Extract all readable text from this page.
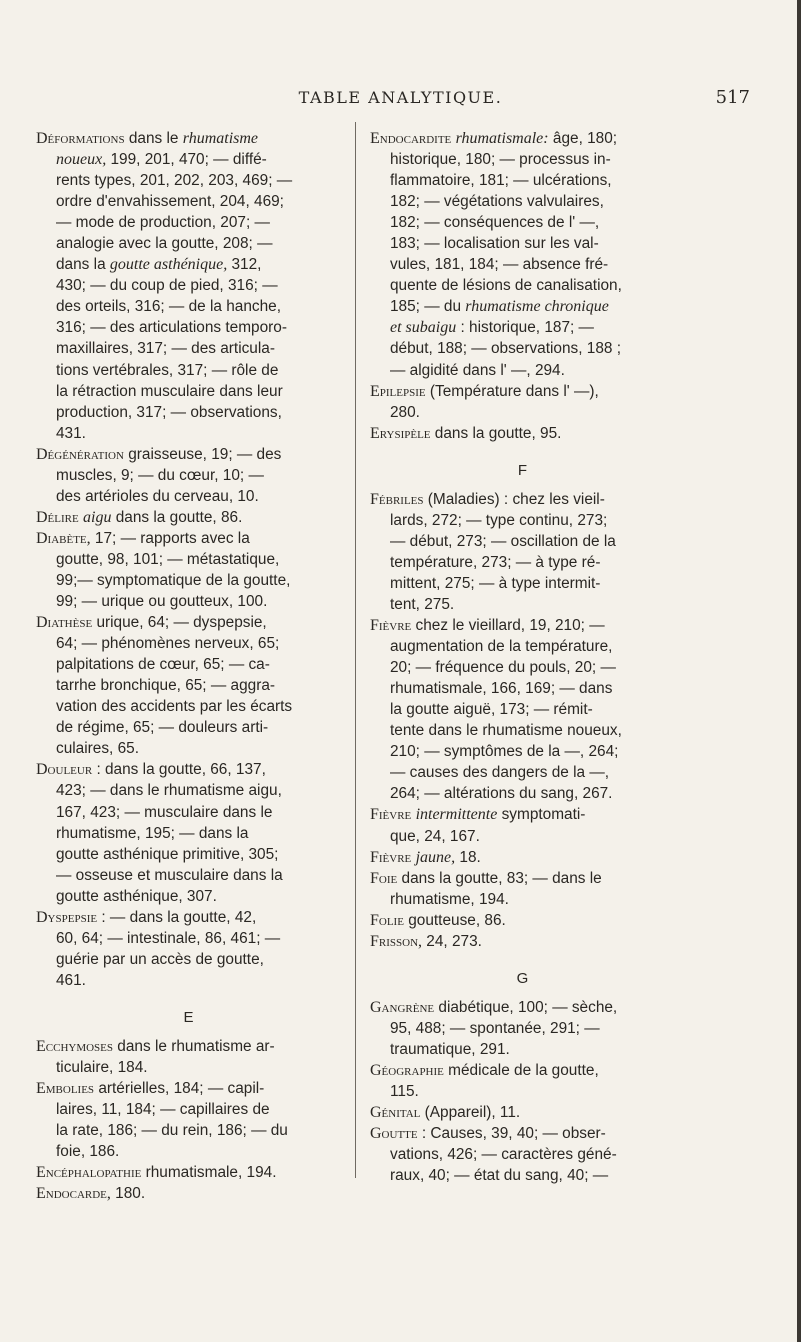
TABLE ANALYTIQUE.	517
Déformations dans le rhumatisme
noueux, 199, 201, 470; — diffé-
rents types, 201, 202, 203, 469; —
ordre d'envahissement, 204, 469;
— mode de production, 207; —
analogie avec la goutte, 208; —
dans la goutte asthénique, 312,
430; — du coup de pied, 316; —
des orteils, 316; — de la hanche,
316; — des articulations temporo-
maxillaires, 317; — des articula-
tions vertébrales, 317; — rôle de
la rétraction musculaire dans leur
production, 317; — observations,
431.
Dégénération graisseuse, 19; — des
muscles, 9; — du cœur, 10; —
des artérioles du cerveau, 10.
Délire aigu dans la goutte, 86.
Diabète, 17; — rapports avec la
goutte, 98, 101; — métastatique,
99;— symptomatique de la goutte,
99; — urique ou goutteux, 100.
Diathèse urique, 64; — dyspepsie,
64; — phénomènes nerveux, 65;
palpitations de cœur, 65; — ca-
tarrhe bronchique, 65; — aggra-
vation des accidents par les écarts
de régime, 65; — douleurs arti-
culaires, 65.
Douleur : dans la goutte, 66, 137,
423; — dans le rhumatisme aigu,
167, 423; — musculaire dans le
rhumatisme, 195; — dans la
goutte asthénique primitive, 305;
— osseuse et musculaire dans la
goutte asthénique, 307.
Dyspepsie : — dans la goutte, 42,
60, 64; — intestinale, 86, 461; —
guérie par un accès de goutte,
461.
E
Ecchymoses dans le rhumatisme ar-
ticulaire, 184.
Embolies artérielles, 184; — capil-
laires, 11, 184; — capillaires de
la rate, 186; — du rein, 186; — du
foie, 186.
Encéphalopathie rhumatismale, 194.
Endocarde, 180.
Endocardite rhumatismale: âge, 180;
historique, 180; — processus in-
flammatoire, 181; — ulcérations,
182; — végétations valvulaires,
182; — conséquences de l' —,
183; — localisation sur les val-
vules, 181, 184; — absence fré-
quente de lésions de canalisation,
185; — du rhumatisme chronique
et subaigu : historique, 187; —
début, 188; — observations, 188 ;
— algidité dans l' —, 294.
Epilepsie (Température dans l' —),
280.
Erysipèle dans la goutte, 95.
F
Fébriles (Maladies) : chez les vieil-
lards, 272; — type continu, 273;
— début, 273; — oscillation de la
température, 273; — à type ré-
mittent, 275; — à type intermit-
tent, 275.
Fièvre chez le vieillard, 19, 210; —
augmentation de la température,
20; — fréquence du pouls, 20; —
rhumatismale, 166, 169; — dans
la goutte aiguë, 173; — rémit-
tente dans le rhumatisme noueux,
210; — symptômes de la —, 264;
— causes des dangers de la —,
264; — altérations du sang, 267.
Fièvre intermittente symptomati-
que, 24, 167.
Fièvre jaune, 18.
Foie dans la goutte, 83; — dans le
rhumatisme, 194.
Folie goutteuse, 86.
Frisson, 24, 273.
G
Gangrène diabétique, 100; — sèche,
95, 488; — spontanée, 291; —
traumatique, 291.
Géographie médicale de la goutte,
115.
Génital (Appareil), 11.
Goutte : Causes, 39, 40; — obser-
vations, 426; — caractères géné-
raux, 40; — état du sang, 40; —
